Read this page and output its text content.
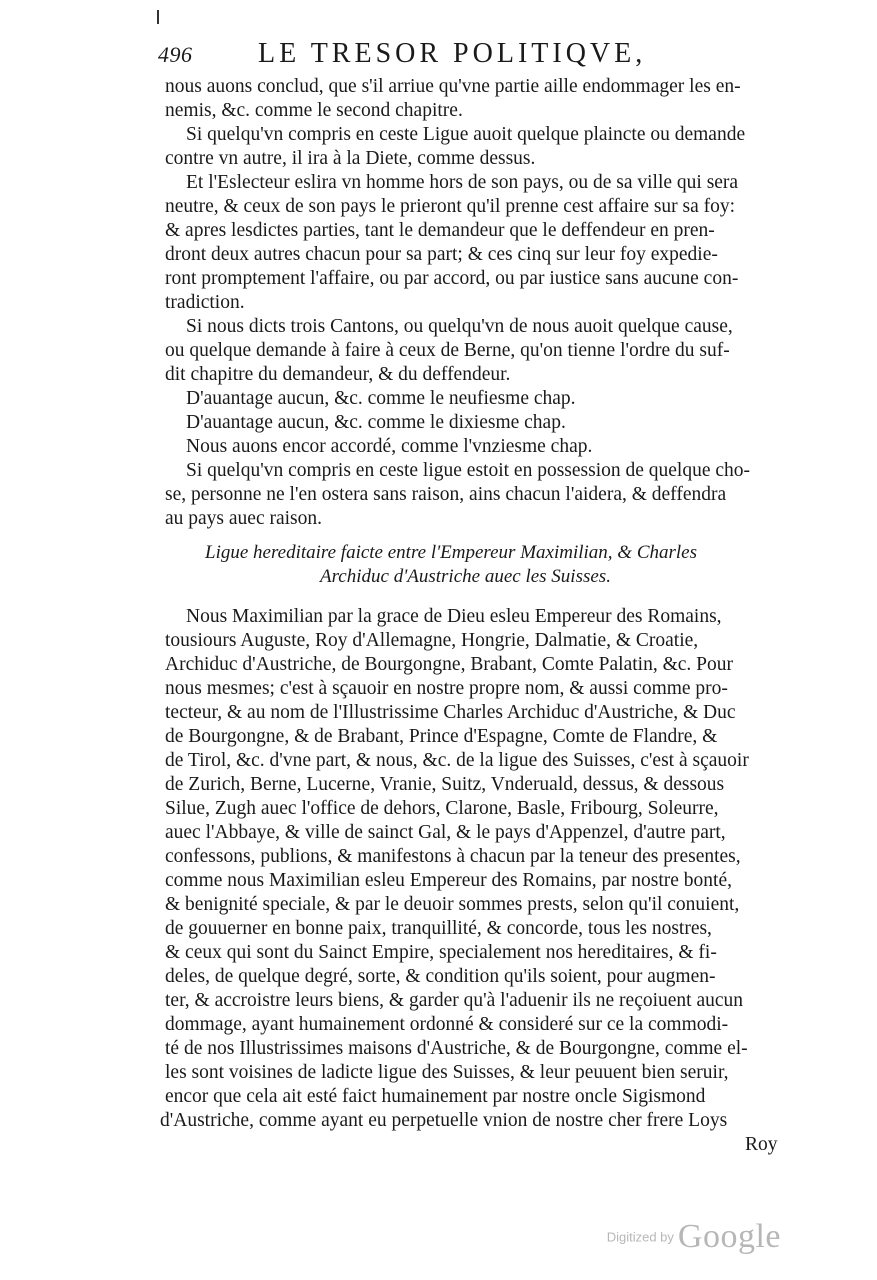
496 LE TRESOR POLITIQVE,
nous auons conclud, que s'il arriue qu'vne partie aille endommager les en-
nemis, &c. comme le second chapitre.
Si quelqu'vn compris en ceste Ligue auoit quelque plaincte ou demande
contre vn autre, il ira à la Diete, comme dessus.
Et l'Eslecteur eslira vn homme hors de son pays, ou de sa ville qui sera
neutre, & ceux de son pays le prieront qu'il prenne cest affaire sur sa foy:
& apres lesdictes parties, tant le demandeur que le deffendeur en pren-
dront deux autres chacun pour sa part; & ces cinq sur leur foy expedie-
ront promptement l'affaire, ou par accord, ou par iustice sans aucune con-
tradiction.
Si nous dicts trois Cantons, ou quelqu'vn de nous auoit quelque cause,
ou quelque demande à faire à ceux de Berne, qu'on tienne l'ordre du suf-
dit chapitre du demandeur, & du deffendeur.
D'auantage aucun, &c. comme le neufiesme chap.
D'auantage aucun, &c. comme le dixiesme chap.
Nous auons encor accordé, comme l'vnziesme chap.
Si quelqu'vn compris en ceste ligue estoit en possession de quelque cho-
se, personne ne l'en ostera sans raison, ains chacun l'aidera, & deffendra
au pays auec raison.
Ligue hereditaire faicte entre l'Empereur Maximilian, & Charles
Archiduc d'Austriche auec les Suisses.
Nous Maximilian par la grace de Dieu esleu Empereur des Romains,
tousiours Auguste, Roy d'Allemagne, Hongrie, Dalmatie, & Croatie,
Archiduc d'Austriche, de Bourgongne, Brabant, Comte Palatin, &c. Pour
nous mesmes; c'est à sçauoir en nostre propre nom, & aussi comme pro-
tecteur, & au nom de l'Illustrissime Charles Archiduc d'Austriche, & Duc
de Bourgongne, & de Brabant, Prince d'Espagne, Comte de Flandre, &
de Tirol, &c. d'vne part, & nous, &c. de la ligue des Suisses, c'est à sçauoir
de Zurich, Berne, Lucerne, Vranie, Suitz, Vnderuald, dessus, & dessous
Silue, Zugh auec l'office de dehors, Clarone, Basle, Fribourg, Soleurre,
auec l'Abbaye, & ville de sainct Gal, & le pays d'Appenzel, d'autre part,
confessons, publions, & manifestons à chacun par la teneur des presentes,
comme nous Maximilian esleu Empereur des Romains, par nostre bonté,
& benignité speciale, & par le deuoir sommes prests, selon qu'il conuient,
de gouuerner en bonne paix, tranquillité, & concorde, tous les nostres,
& ceux qui sont du Sainct Empire, specialement nos hereditaires, & fi-
deles, de quelque degré, sorte, & condition qu'ils soient, pour augmen-
ter, & accroistre leurs biens, & garder qu'à l'aduenir ils ne reçoiuent aucun
dommage, ayant humainement ordonné & consideré sur ce la commodi-
té de nos Illustrissimes maisons d'Austriche, & de Bourgongne, comme el-
les sont voisines de ladicte ligue des Suisses, & leur peuuent bien seruir,
encor que cela ait esté faict humainement par nostre oncle Sigismond
d'Austriche, comme ayant eu perpetuelle vnion de nostre cher frere Loys
Roy
Digitized by Google
